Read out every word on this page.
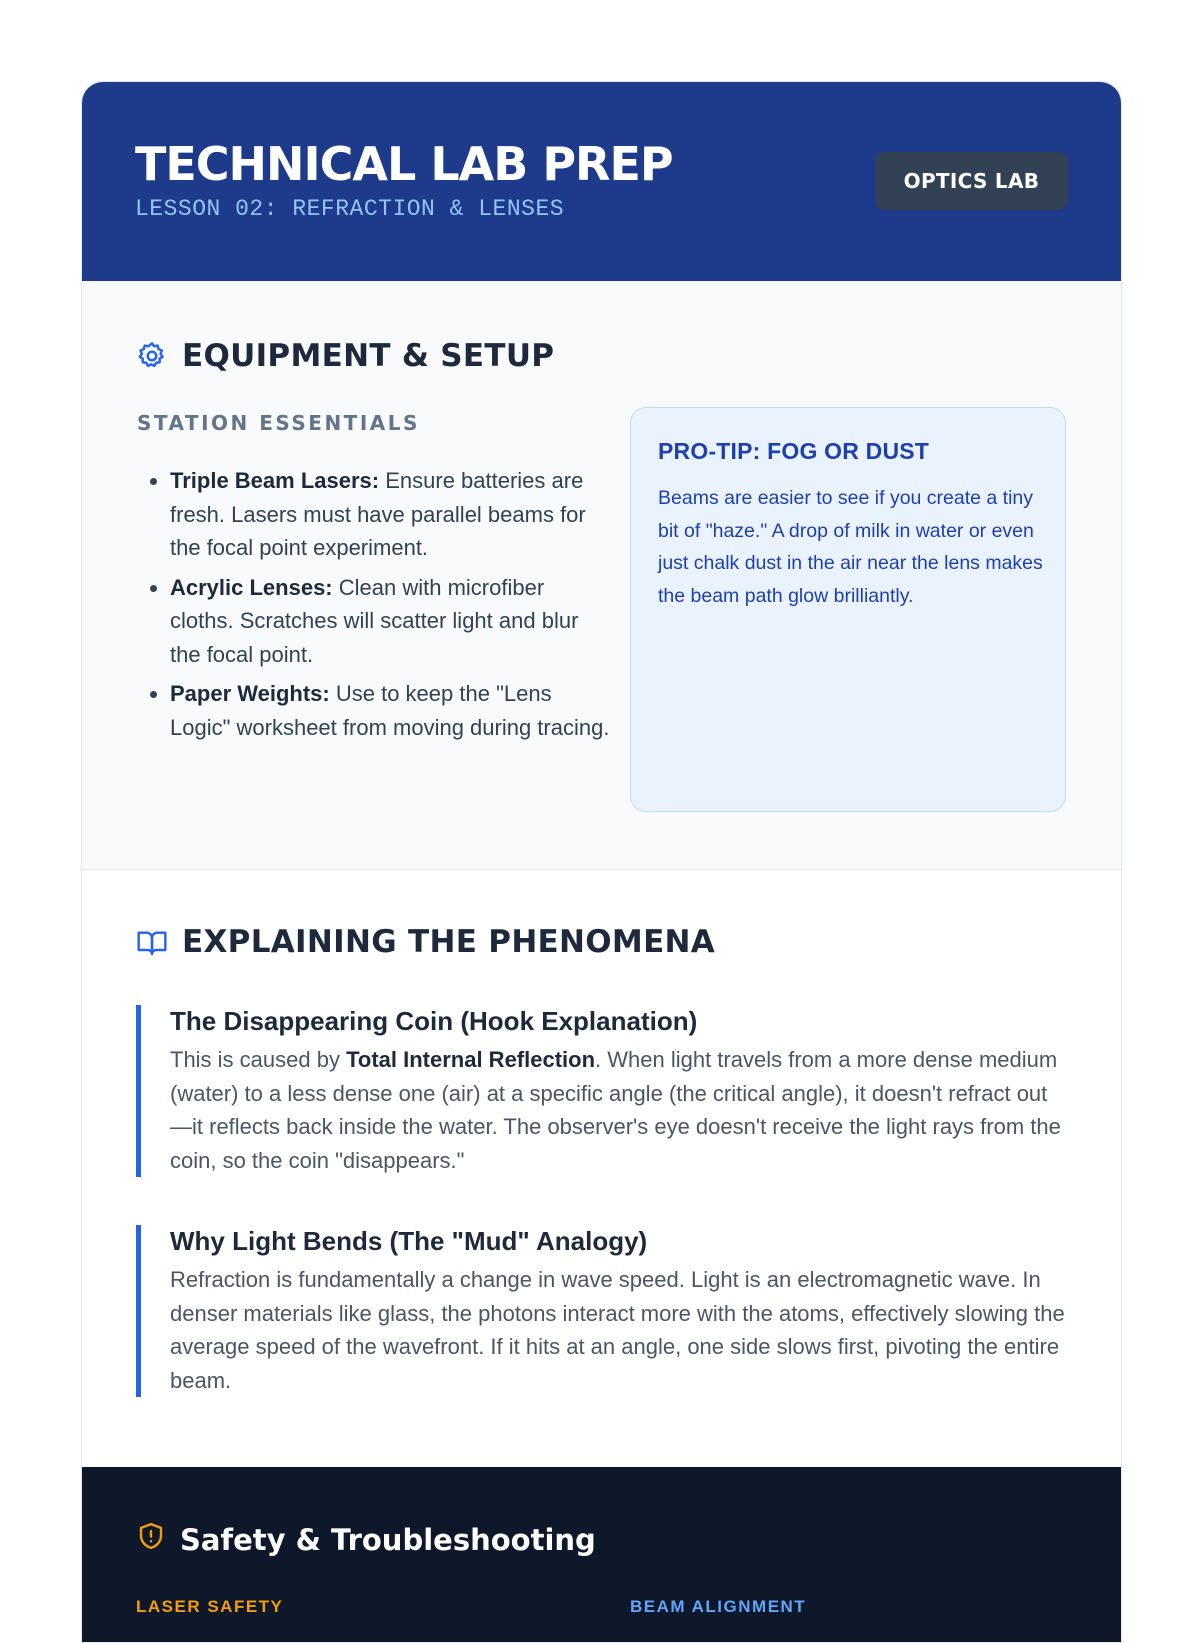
TECHNICAL LAB PREP
LESSON 02: REFRACTION & LENSES
OPTICS LAB
EQUIPMENT & SETUP
STATION ESSENTIALS
• Triple Beam Lasers: Ensure batteries are fresh. Lasers must have parallel beams for the focal point experiment.
• Acrylic Lenses: Clean with microfiber cloths. Scratches will scatter light and blur the focal point.
• Paper Weights: Use to keep the "Lens Logic" worksheet from moving during tracing.
PRO-TIP: FOG OR DUST
Beams are easier to see if you create a tiny bit of "haze." A drop of milk in water or even just chalk dust in the air near the lens makes the beam path glow brilliantly.
EXPLAINING THE PHENOMENA
The Disappearing Coin (Hook Explanation)

This is caused by Total Internal Reflection. When light travels from a more dense medium (water) to a less dense one (air) at a specific angle (the critical angle), it doesn't refract out—it reflects back inside the water. The observer's eye doesn't receive the light rays from the coin, so the coin "disappears."

Why Light Bends (The "Mud" Analogy)

Refraction is fundamentally a change in wave speed. Light is an electromagnetic wave. In denser materials like glass, the photons interact more with the atoms, effectively slowing the average speed of the wavefront. If it hits at an angle, one side slows first, pivoting the entire beam.

Safety & Troubleshooting
LASER SAFETY	BEAM ALIGNMENT
